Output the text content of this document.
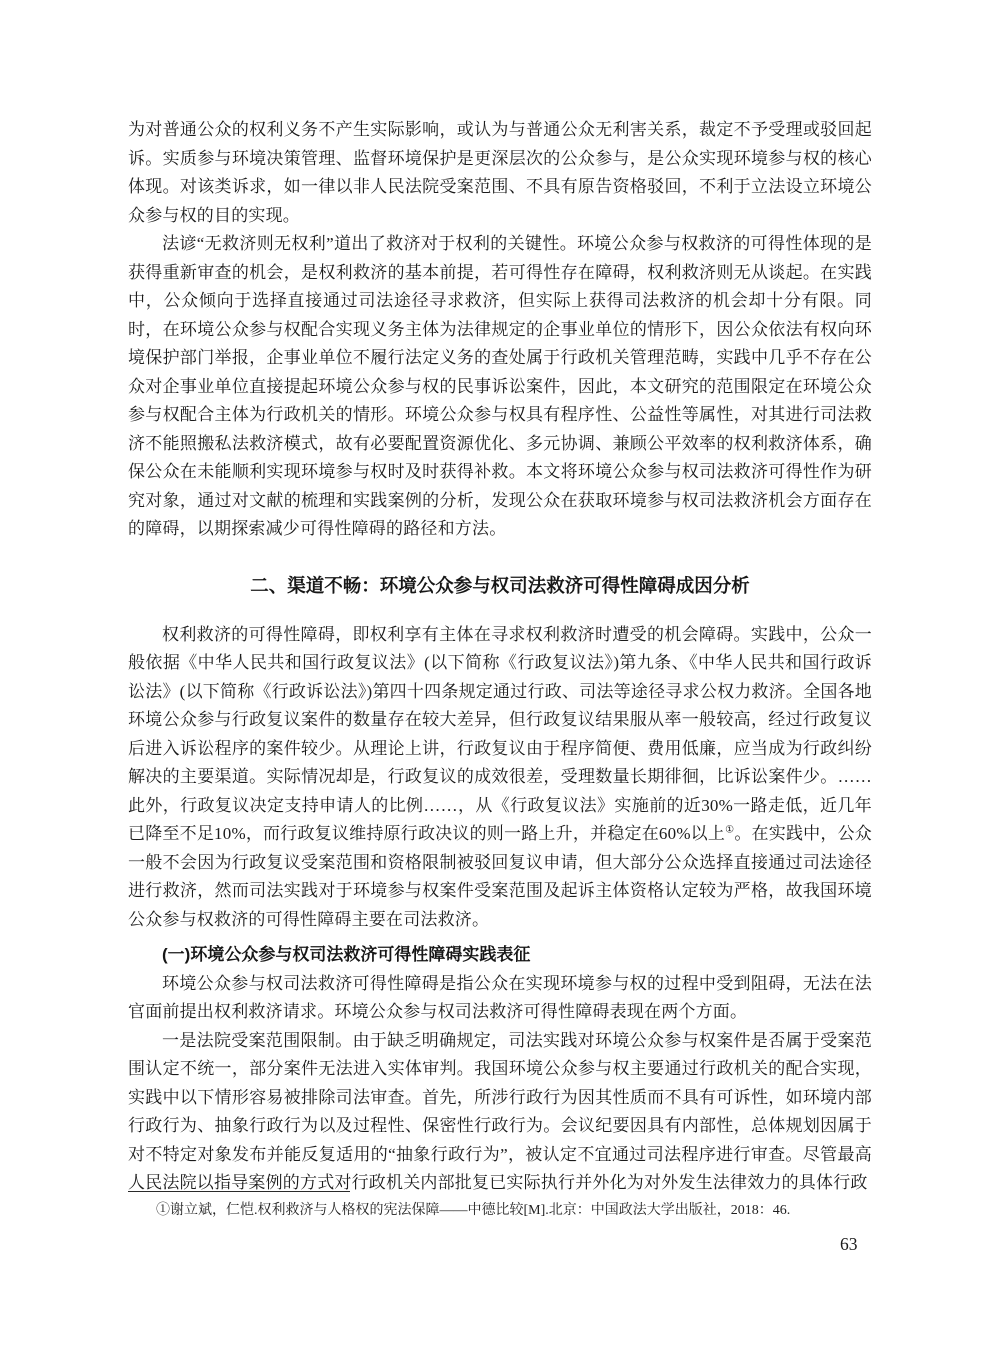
为对普通公众的权利义务不产生实际影响，或认为与普通公众无利害关系，裁定不予受理或驳回起诉。实质参与环境决策管理、监督环境保护是更深层次的公众参与，是公众实现环境参与权的核心体现。对该类诉求，如一律以非人民法院受案范围、不具有原告资格驳回，不利于立法设立环境公众参与权的目的实现。

法谚“无救济则无权利”道出了救济对于权利的关键性。环境公众参与权救济的可得性体现的是获得重新审查的机会，是权利救济的基本前提，若可得性存在障碍，权利救济则无从谈起。在实践中，公众倾向于选择直接通过司法途径寻求救济，但实际上获得司法救济的机会却十分有限。同时，在环境公众参与权配合实现义务主体为法律规定的企事业单位的情形下，因公众依法有权向环境保护部门举报，企事业单位不履行法定义务的查处属于行政机关管理范畴，实践中几乎不存在公众对企事业单位直接提起环境公众参与权的民事诉讼案件，因此，本文研究的范围限定在环境公众参与权配合主体为行政机关的情形。环境公众参与权具有程序性、公益性等属性，对其进行司法救济不能照搬私法救济模式，故有必要配置资源优化、多元协调、兼顾公平效率的权利救济体系，确保公众在未能顺利实现环境参与权时及时获得补救。本文将环境公众参与权司法救济可得性作为研究对象，通过对文献的梳理和实践案例的分析，发现公众在获取环境参与权司法救济机会方面存在的障碍，以期探索减少可得性障碍的路径和方法。

二、渠道不畅：环境公众参与权司法救济可得性障碍成因分析

权利救济的可得性障碍，即权利享有主体在寻求权利救济时遭受的机会障碍。实践中，公众一般依据《中华人民共和国行政复议法》(以下简称《行政复议法》)第九条、《中华人民共和国行政诉讼法》(以下简称《行政诉讼法》)第四十四条规定通过行政、司法等途径寻求公权力救济。全国各地环境公众参与行政复议案件的数量存在较大差异，但行政复议结果服从率一般较高，经过行政复议后进入诉讼程序的案件较少。从理论上讲，行政复议由于程序简便、费用低廉，应当成为行政纠纷解决的主要渠道。实际情况却是，行政复议的成效很差，受理数量长期徘徊，比诉讼案件少。……此外，行政复议决定支持申请人的比例……，从《行政复议法》实施前的近30%一路走低，近几年已降至不足10%，而行政复议维持原行政决议的则一路上升，并稳定在60%以上①。在实践中，公众一般不会因为行政复议受案范围和资格限制被驳回复议申请，但大部分公众选择直接通过司法途径进行救济，然而司法实践对于环境参与权案件受案范围及起诉主体资格认定较为严格，故我国环境公众参与权救济的可得性障碍主要在司法救济。

(一)环境公众参与权司法救济可得性障碍实践表征

环境公众参与权司法救济可得性障碍是指公众在实现环境参与权的过程中受到阻碍，无法在法官面前提出权利救济请求。环境公众参与权司法救济可得性障碍表现在两个方面。

一是法院受案范围限制。由于缺乏明确规定，司法实践对环境公众参与权案件是否属于受案范围认定不统一，部分案件无法进入实体审判。我国环境公众参与权主要通过行政机关的配合实现，实践中以下情形容易被排除司法审查。首先，所涉行政行为因其性质而不具有可诉性，如环境内部行政行为、抽象行政行为以及过程性、保密性行政行为。会议纪要因具有内部性，总体规划因属于对不特定对象发布并能反复适用的“抽象行政行为”，被认定不宜通过司法程序进行审查。尽管最高人民法院以指导案例的方式对行政机关内部批复已实际执行并外化为对外发生法律效力的具体行政

①谢立斌，仁恺.权利救济与人格权的宪法保障——中德比较[M].北京：中国政法大学出版社，2018：46.

63
